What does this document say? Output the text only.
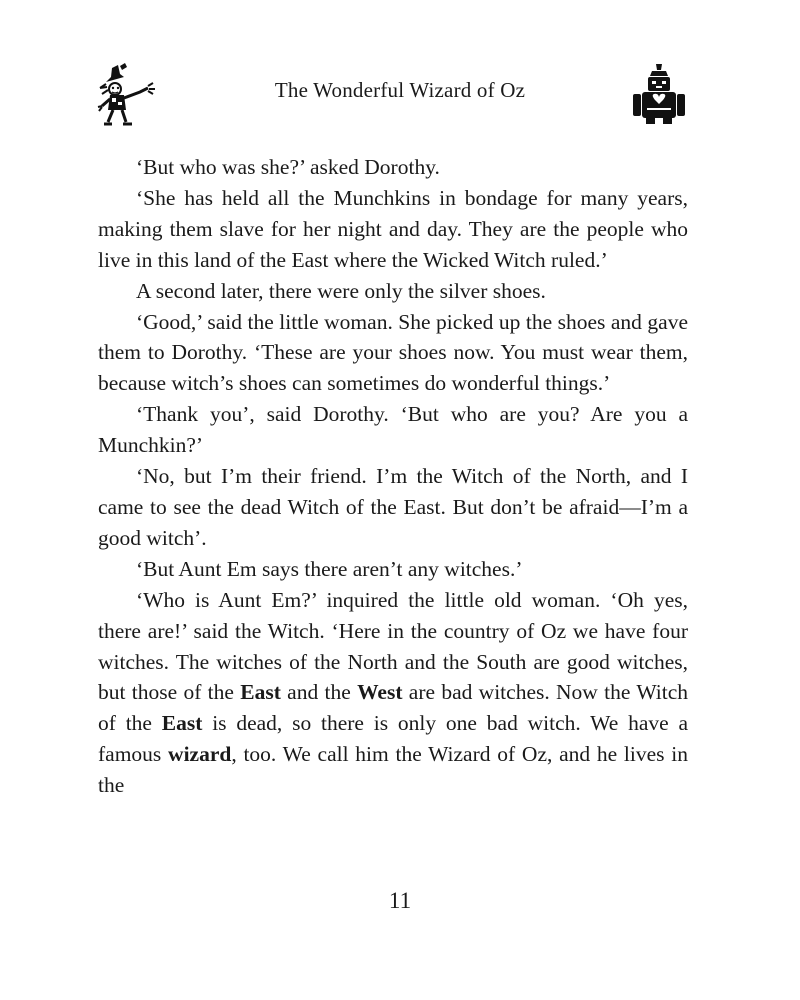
The Wonderful Wizard of Oz

‘But who was she?’ asked Dorothy.

‘She has held all the Munchkins in bondage for many years, making them slave for her night and day. They are the people who live in this land of the East where the Wicked Witch ruled.’

A second later, there were only the silver shoes.

‘Good,’ said the little woman. She picked up the shoes and gave them to Dorothy. ‘These are your shoes now. You must wear them, because witch’s shoes can sometimes do wonderful things.’

‘Thank you’, said Dorothy. ‘But who are you? Are you a Munchkin?’

‘No, but I’m their friend. I’m the Witch of the North, and I came to see the dead Witch of the East. But don’t be afraid—I’m a good witch’.

‘But Aunt Em says there aren’t any witches.’

‘Who is Aunt Em?’ inquired the little old woman. ‘Oh yes, there are!’ said the Witch. ‘Here in the country of Oz we have four witches. The witches of the North and the South are good witches, but those of the East and the West are bad witches. Now the Witch of the East is dead, so there is only one bad witch. We have a famous wizard, too. We call him the Wizard of Oz, and he lives in the

11
